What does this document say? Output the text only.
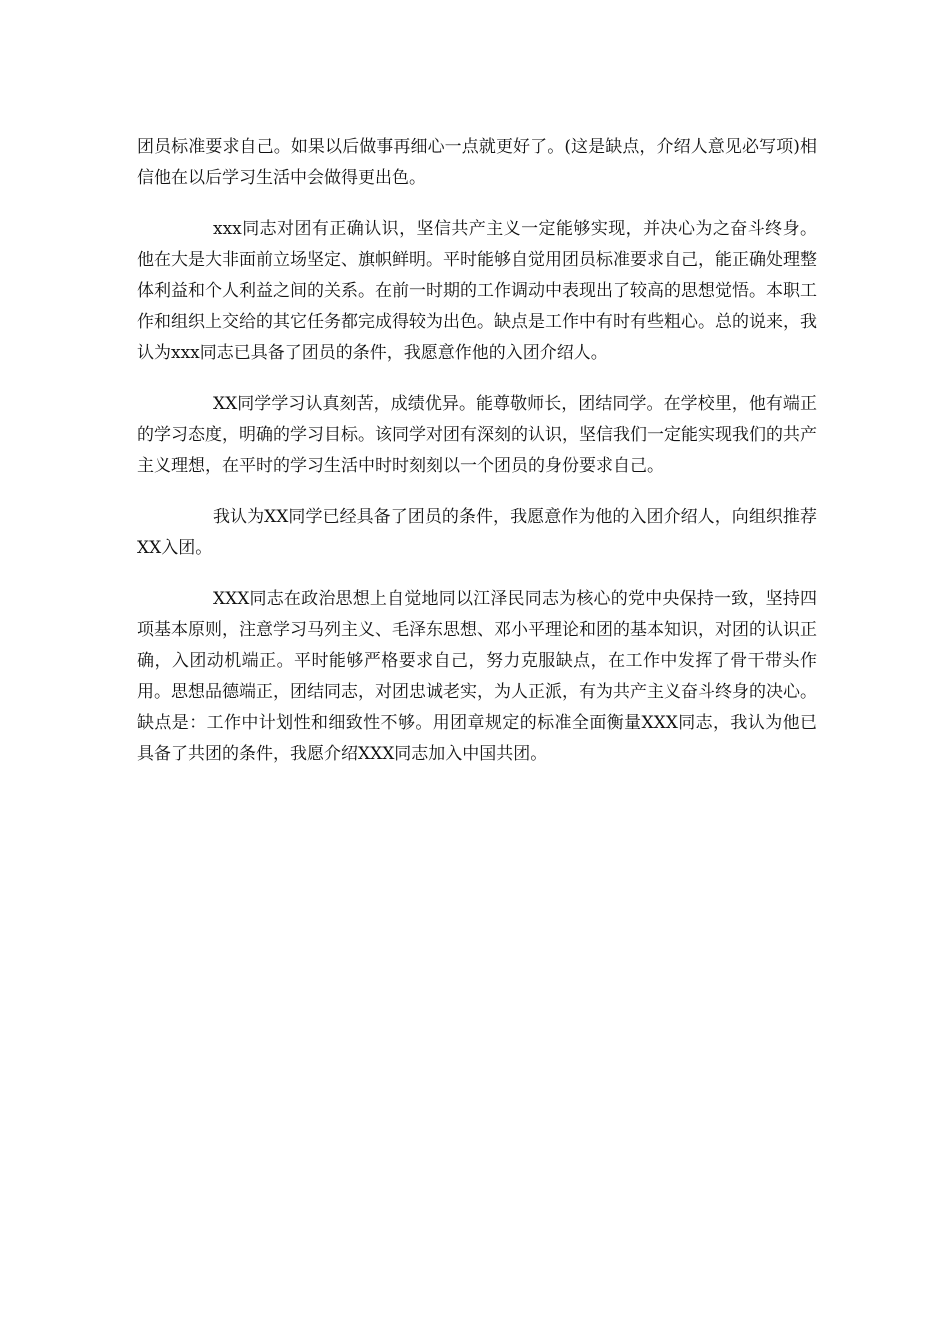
团员标准要求自己。如果以后做事再细心一点就更好了。(这是缺点，介绍人意见必写项)相信他在以后学习生活中会做得更出色。

xxx同志对团有正确认识，坚信共产主义一定能够实现，并决心为之奋斗终身。他在大是大非面前立场坚定、旗帜鲜明。平时能够自觉用团员标准要求自己，能正确处理整体利益和个人利益之间的关系。在前一时期的工作调动中表现出了较高的思想觉悟。本职工作和组织上交给的其它任务都完成得较为出色。缺点是工作中有时有些粗心。总的说来，我认为xxx同志已具备了团员的条件，我愿意作他的入团介绍人。

XX同学学习认真刻苦，成绩优异。能尊敬师长，团结同学。在学校里，他有端正的学习态度，明确的学习目标。该同学对团有深刻的认识，坚信我们一定能实现我们的共产主义理想，在平时的学习生活中时时刻刻以一个团员的身份要求自己。

我认为XX同学已经具备了团员的条件，我愿意作为他的入团介绍人，向组织推荐XX入团。

XXX同志在政治思想上自觉地同以江泽民同志为核心的党中央保持一致，坚持四项基本原则，注意学习马列主义、毛泽东思想、邓小平理论和团的基本知识，对团的认识正确，入团动机端正。平时能够严格要求自己，努力克服缺点，在工作中发挥了骨干带头作用。思想品德端正，团结同志，对团忠诚老实，为人正派，有为共产主义奋斗终身的决心。缺点是：工作中计划性和细致性不够。用团章规定的标准全面衡量XXX同志，我认为他已具备了共团的条件，我愿介绍XXX同志加入中国共团。
